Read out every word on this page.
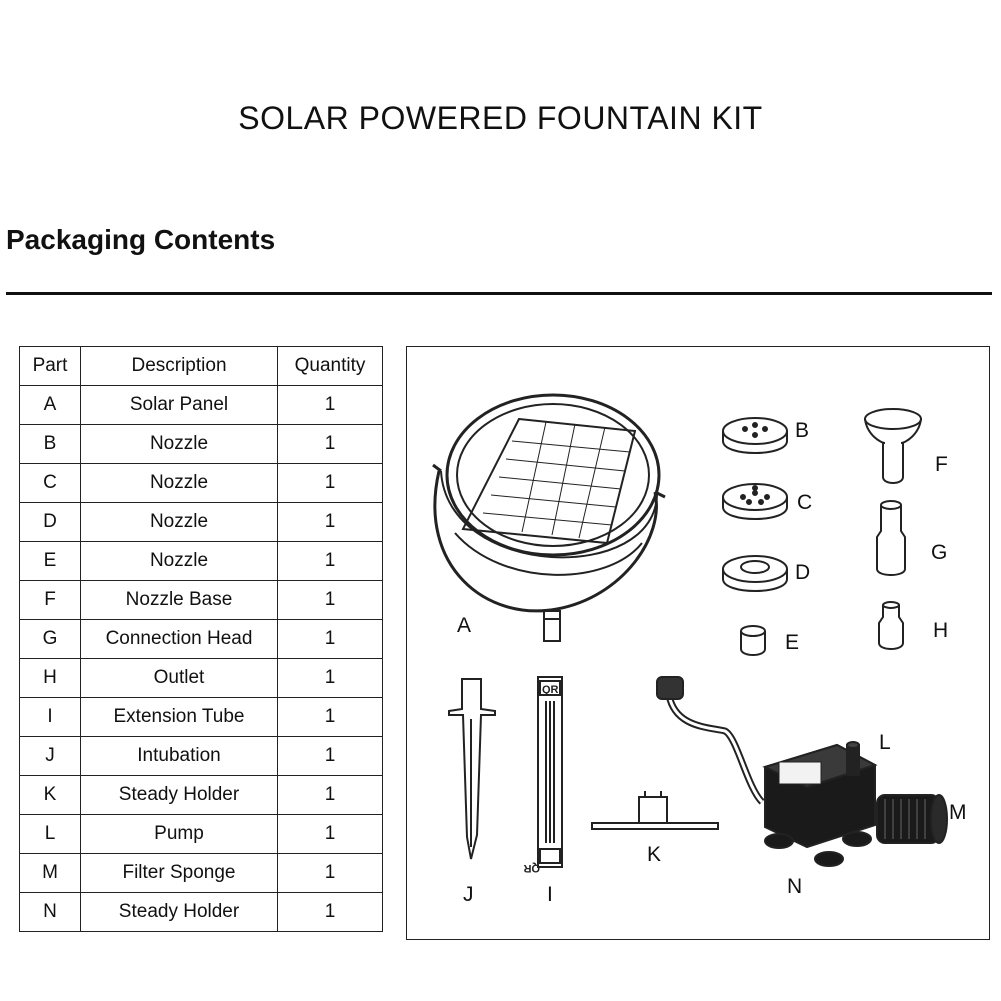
SOLAR POWERED FOUNTAIN KIT
Packaging Contents
Part	Description	Quantity
A	Solar Panel	1
B	Nozzle	1
C	Nozzle	1
D	Nozzle	1
E	Nozzle	1
F	Nozzle Base	1
G	Connection Head	1
H	Outlet	1
I	Extension Tube	1
J	Intubation	1
K	Steady Holder	1
L	Pump	1
M	Filter Sponge	1
N	Steady Holder	1
A
B
C
D
E
F
G
H
I
J
K
L
M
N
QR
QR
